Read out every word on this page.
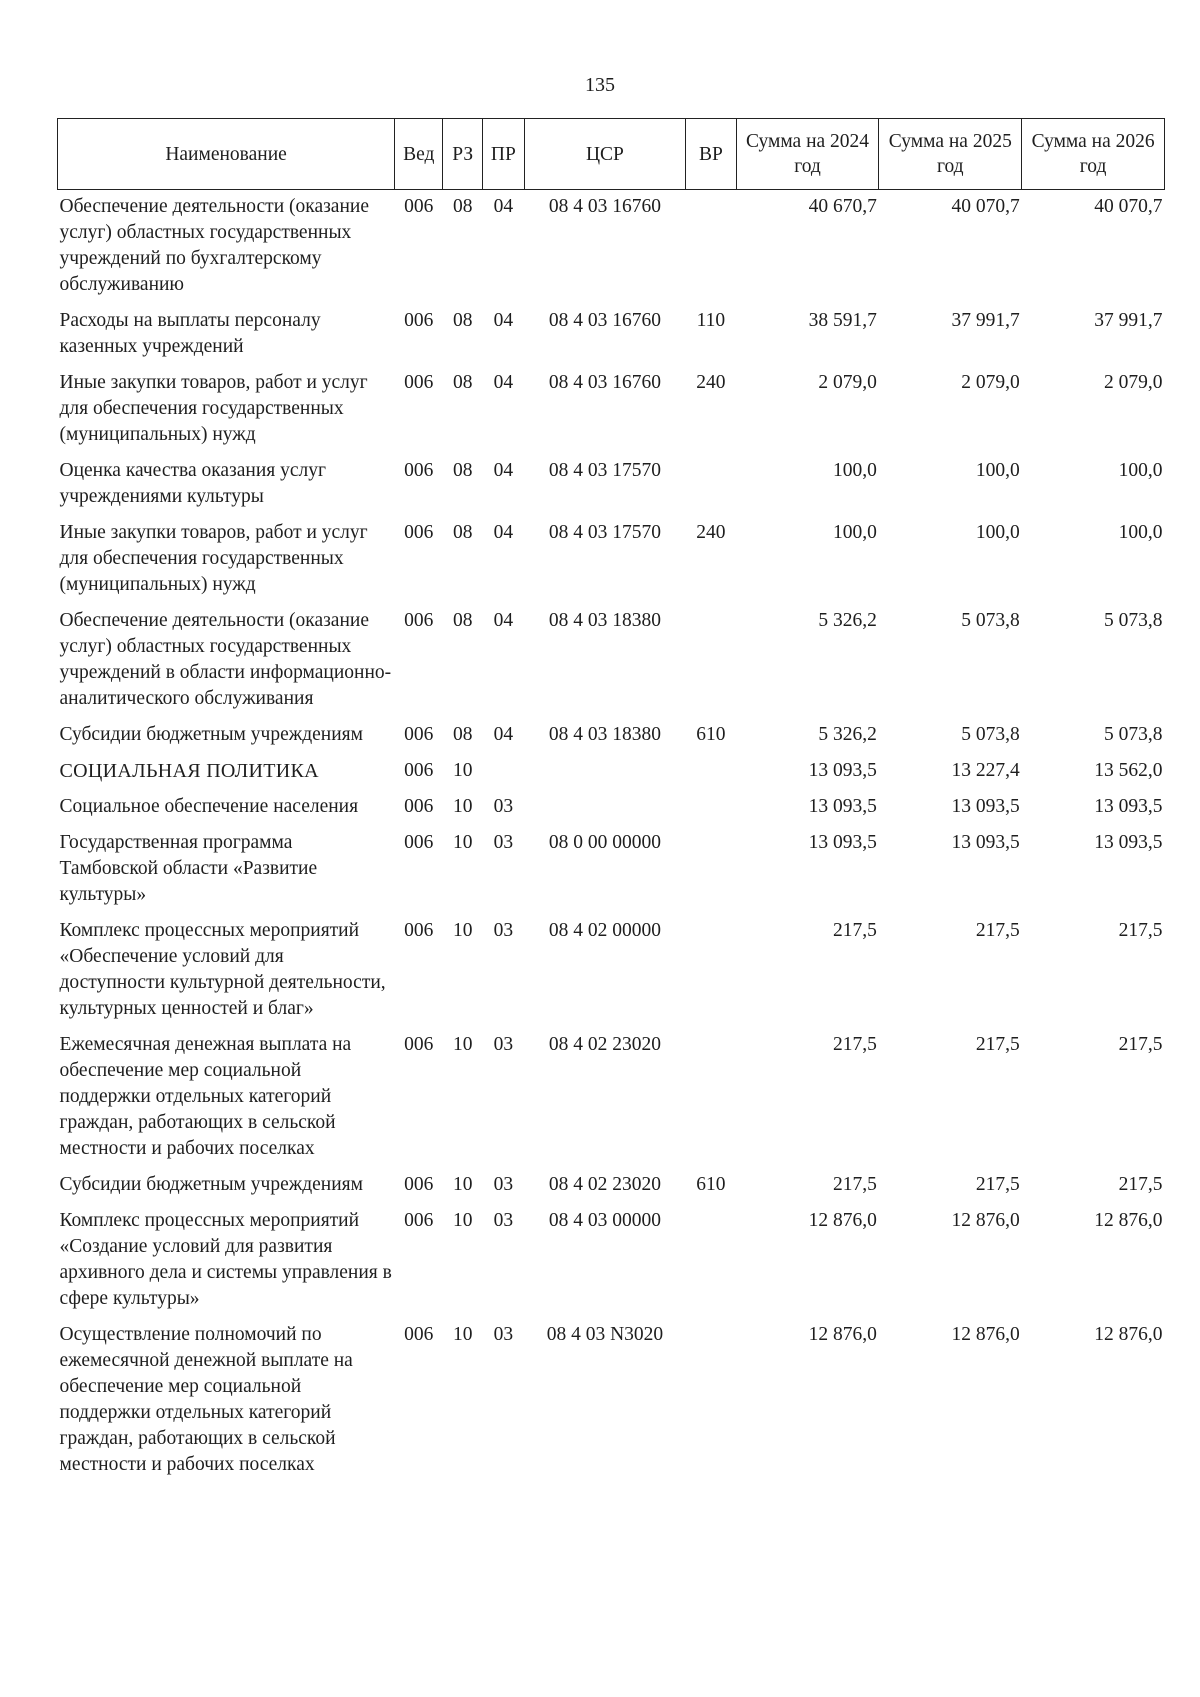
135
Наименование	Вед	РЗ	ПР	ЦСР	ВР	Сумма на 2024 год	Сумма на 2025 год	Сумма на 2026 год
Обеспечение деятельности (оказание услуг) областных государственных учреждений по бухгалтерскому обслуживанию	006	08	04	08 4 03 16760		40 670,7	40 070,7	40 070,7
Расходы на выплаты персоналу казенных учреждений	006	08	04	08 4 03 16760	110	38 591,7	37 991,7	37 991,7
Иные закупки товаров, работ и услуг для обеспечения государственных (муниципальных) нужд	006	08	04	08 4 03 16760	240	2 079,0	2 079,0	2 079,0
Оценка качества оказания услуг учреждениями культуры	006	08	04	08 4 03 17570		100,0	100,0	100,0
Иные закупки товаров, работ и услуг для обеспечения государственных (муниципальных) нужд	006	08	04	08 4 03 17570	240	100,0	100,0	100,0
Обеспечение деятельности (оказание услуг) областных государственных учреждений в области информационно-аналитического обслуживания	006	08	04	08 4 03 18380		5 326,2	5 073,8	5 073,8
Субсидии бюджетным учреждениям	006	08	04	08 4 03 18380	610	5 326,2	5 073,8	5 073,8
СОЦИАЛЬНАЯ ПОЛИТИКА	006	10				13 093,5	13 227,4	13 562,0
Социальное обеспечение населения	006	10	03			13 093,5	13 093,5	13 093,5
Государственная программа Тамбовской области «Развитие культуры»	006	10	03	08 0 00 00000		13 093,5	13 093,5	13 093,5
Комплекс процессных мероприятий «Обеспечение условий для доступности культурной деятельности, культурных ценностей и благ»	006	10	03	08 4 02 00000		217,5	217,5	217,5
Ежемесячная денежная выплата на обеспечение мер социальной поддержки отдельных категорий граждан, работающих в сельской местности и рабочих поселках	006	10	03	08 4 02 23020		217,5	217,5	217,5
Субсидии бюджетным учреждениям	006	10	03	08 4 02 23020	610	217,5	217,5	217,5
Комплекс процессных мероприятий «Создание условий для развития архивного дела и системы управления в сфере культуры»	006	10	03	08 4 03 00000		12 876,0	12 876,0	12 876,0
Осуществление полномочий по ежемесячной денежной выплате на обеспечение мер социальной поддержки отдельных категорий граждан, работающих в сельской местности и рабочих поселках	006	10	03	08 4 03 N3020		12 876,0	12 876,0	12 876,0
